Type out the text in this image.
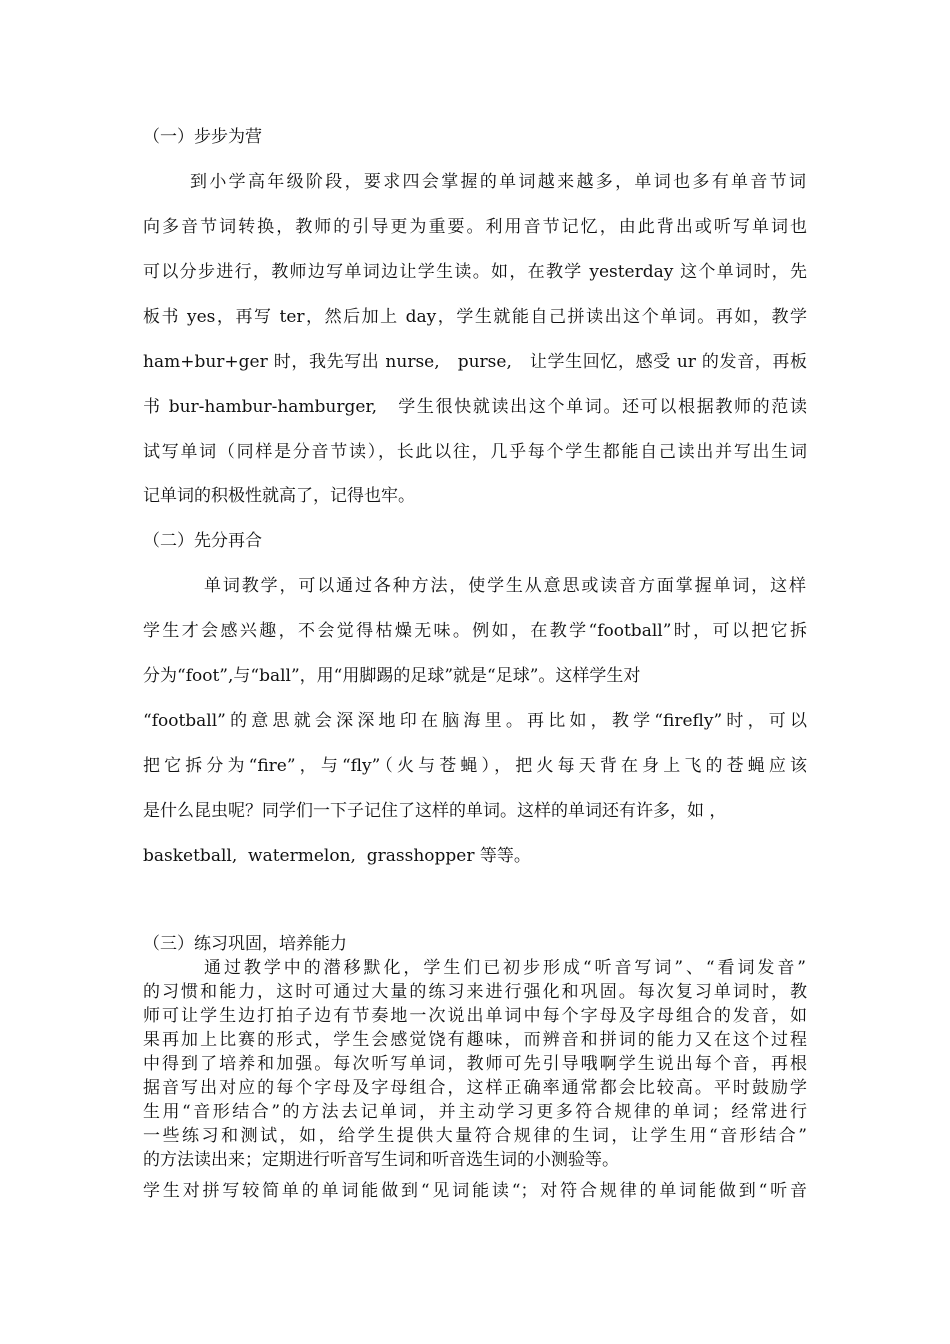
（一）步步为营
到小学高年级阶段，要求四会掌握的单词越来越多，单词也多有单音节词
向多音节词转换，教师的引导更为重要。利用音节记忆，由此背出或听写单词也
可以分步进行，教师边写单词边让学生读。如，在教学 yesterday 这个单词时，先
板书 yes，再写 ter，然后加上 day，学生就能自己拼读出这个单词。再如，教学
ham+bur+ger 时，我先写出 nurse,   purse,   让学生回忆，感受 ur 的发音，再板
书 bur-hambur-hamburger,   学生很快就读出这个单词。还可以根据教师的范读
试写单词（同样是分音节读），长此以往，几乎每个学生都能自己读出并写出生词
记单词的积极性就高了，记得也牢。
（二）先分再合
单词教学，可以通过各种方法，使学生从意思或读音方面掌握单词，这样
学生才会感兴趣，不会觉得枯燥无味。例如，在教学“football”时，可以把它拆
分为“foot”,与“ball”，用“用脚踢的足球”就是“足球”。这样学生对
“football”的意思就会深深地印在脑海里。再比如，教学“firefly”时，可以
把它拆分为“fire”，与“fly”（火与苍蝇），把火每天背在身上飞的苍蝇应该
是什么昆虫呢？同学们一下子记住了这样的单词。这样的单词还有许多，如 ，
basketball,  watermelon,  grasshopper 等等。
（三）练习巩固，培养能力
通过教学中的潜移默化，学生们已初步形成“听音写词”、“看词发音”
的习惯和能力，这时可通过大量的练习来进行强化和巩固。每次复习单词时，教
师可让学生边打拍子边有节奏地一次说出单词中每个字母及字母组合的发音，如
果再加上比赛的形式，学生会感觉饶有趣味，而辨音和拼词的能力又在这个过程
中得到了培养和加强。每次听写单词，教师可先引导哦啊学生说出每个音，再根
据音写出对应的每个字母及字母组合，这样正确率通常都会比较高。平时鼓励学
生用“音形结合”的方法去记单词，并主动学习更多符合规律的单词；经常进行
一些练习和测试，如，给学生提供大量符合规律的生词，让学生用“音形结合”
的方法读出来；定期进行听音写生词和听音选生词的小测验等。
学生对拼写较简单的单词能做到“见词能读“；对符合规律的单词能做到“听音
